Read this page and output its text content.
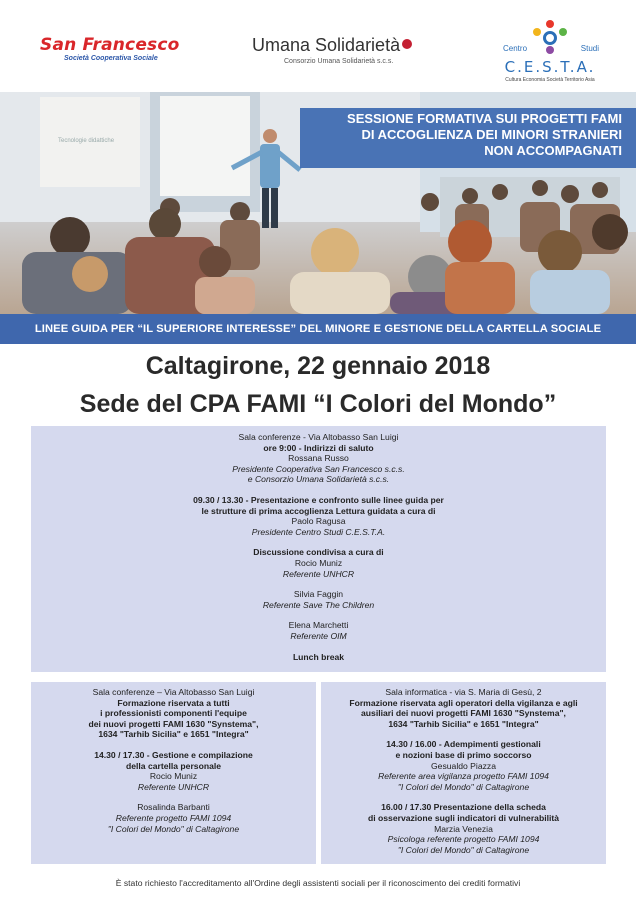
San Francesco
Società Cooperativa Sociale
Umana Solidarietà
Consorzio Umana Solidarietà s.c.s.
Centro	Studi
C.E.S.T.A.
Cultura Economia Società Territorio Asia
Tecnologie didattiche
SESSIONE FORMATIVA SUI PROGETTI FAMI
DI ACCOGLIENZA DEI MINORI STRANIERI
NON ACCOMPAGNATI
LINEE GUIDA PER “IL SUPERIORE INTERESSE” DEL MINORE E GESTIONE DELLA CARTELLA SOCIALE
Caltagirone, 22 gennaio 2018
Sede del CPA FAMI “I Colori del Mondo”
Sala conferenze - Via Altobasso San Luigi
ore 9:00 - Indirizzi di saluto
Rossana Russo
Presidente Cooperativa San Francesco s.c.s.
e Consorzio Umana Solidarietà s.c.s.
09.30 / 13.30 - Presentazione e confronto sulle linee guida per
le strutture di prima accoglienza Lettura guidata a cura di
Paolo Ragusa
Presidente Centro Studi C.E.S.T.A.
Discussione condivisa a cura di
Rocio Muniz
Referente UNHCR
Silvia Faggin
Referente Save The Children
Elena Marchetti
Referente OIM
Lunch break
Sala conferenze – Via Altobasso San Luigi
Formazione riservata a tutti
i professionisti componenti l'equipe
dei nuovi progetti FAMI 1630 "Synstema",
1634 "Tarhib Sicilia" e 1651 "Integra"
14.30 / 17.30 - Gestione e compilazione
della cartella personale
Rocio Muniz
Referente UNHCR
Rosalinda Barbanti
Referente progetto FAMI 1094
"I Colori del Mondo" di Caltagirone
Sala informatica - via S. Maria di Gesù, 2
Formazione riservata agli operatori della vigilanza e agli
ausiliari dei nuovi progetti FAMI 1630 "Synstema",
1634 "Tarhib Sicilia" e 1651 "Integra"
14.30 / 16.00 - Adempimenti gestionali
e nozioni base di primo soccorso
Gesualdo Piazza
Referente area vigilanza progetto FAMI 1094
"I Colori del Mondo" di Caltagirone
16.00 / 17.30 Presentazione della scheda
di osservazione sugli indicatori di vulnerabilità
Marzia Venezia
Psicologa referente progetto FAMI 1094
"I Colori del Mondo" di Caltagirone
È stato richiesto l'accreditamento all'Ordine degli assistenti sociali per il riconoscimento dei crediti formativi
